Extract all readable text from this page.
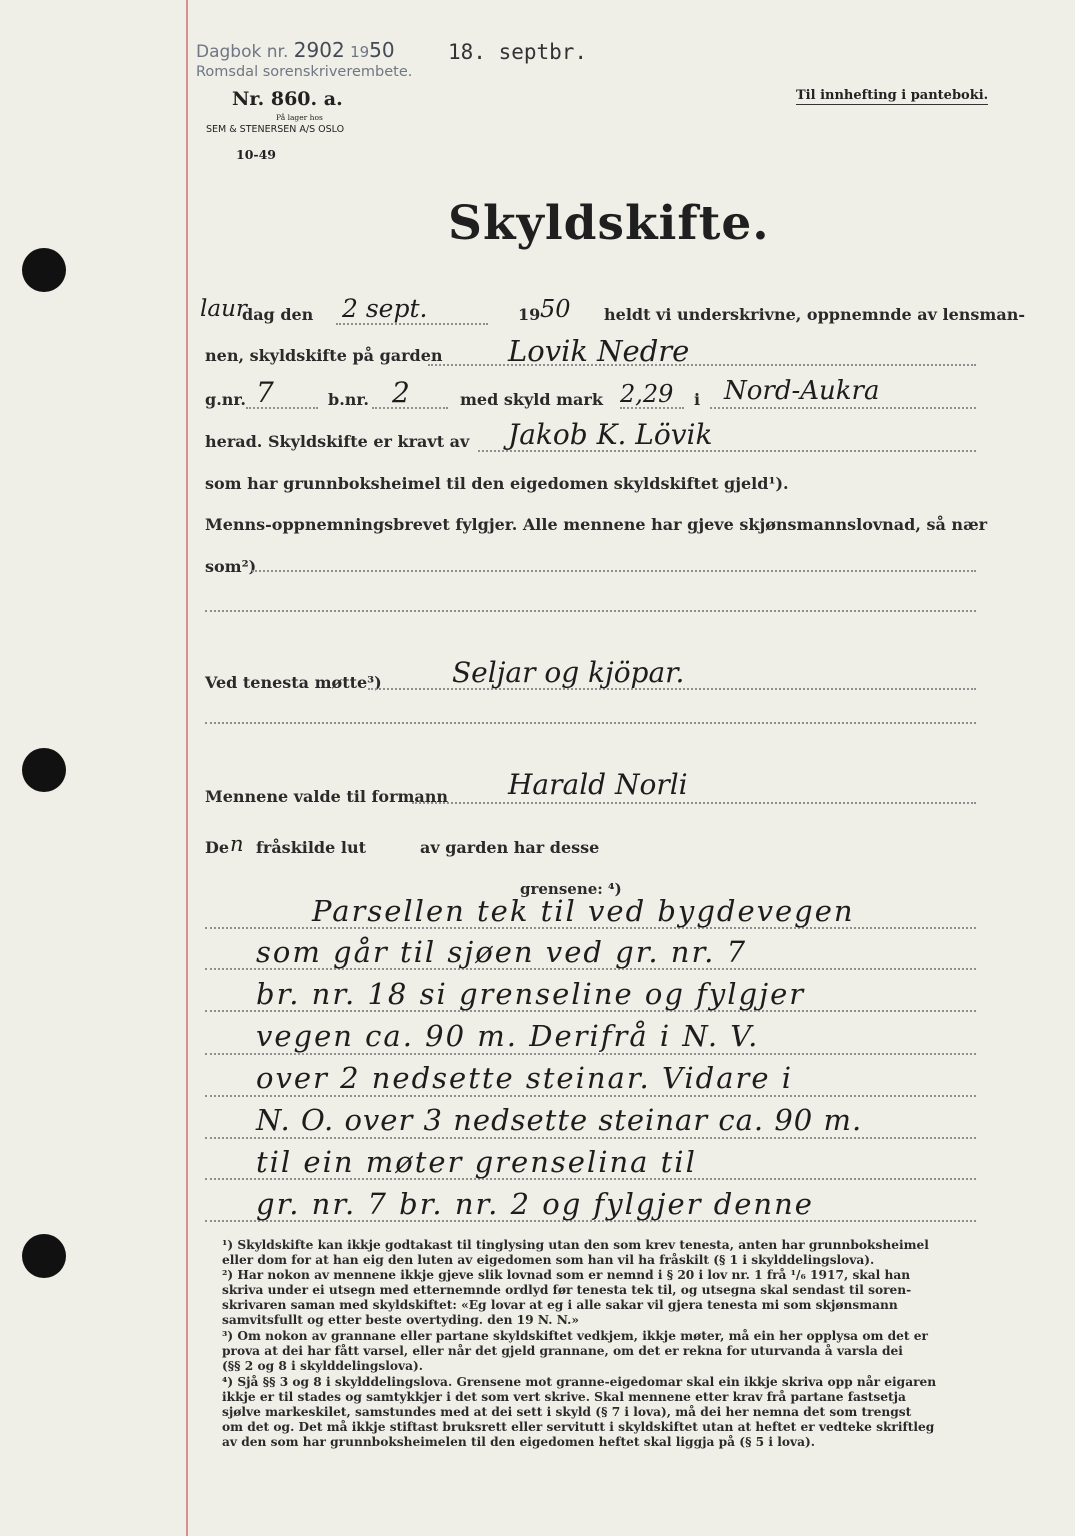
Dagbok nr. 2902 1950
Romsdal sorenskriverembete.
18. septbr.
Nr. 860. a.
På lager hos
SEM & STENERSEN A/S OSLO
10-49
Til innhefting i panteboki.
Skyldskifte.
laur
dag den 2 sept.	19 50 heldt vi underskrivne, oppnemnde av lensman-
nen, skyldskifte på garden Lovik Nedre
g.nr. 7	b.nr. 2	med skyld mark 2,29 i Nord-Aukra
herad. Skyldskifte er kravt av Jakob K. Lövik
som har grunnboksheimel til den eigedomen skyldskiftet gjeld¹).
Menns-oppnemningsbrevet fylgjer. Alle mennene har gjeve skjønsmannslovnad, så nær
som²)
Ved tenesta møtte³)	Seljar og kjöpar.
Mennene valde til formann Harald Norli
De n fråskilde lut	av garden har desse
grensene: ⁴)
Parsellen tek til ved bygdevegen
som går til sjøen ved gr. nr. 7
br. nr. 18 si grenseline og fylgjer
vegen ca. 90 m. Derifrå i N. V.
over 2 nedsette steinar. Vidare i
N. O. over 3 nedsette steinar ca. 90 m.
til ein møter grenselina til
gr. nr. 7 br. nr. 2 og fylgjer denne
¹) Skyldskifte kan ikkje godtakast til tinglysing utan den som krev tenesta, anten har grunnboksheimel
eller dom for at han eig den luten av eigedomen som han vil ha fråskilt (§ 1 i skylddelingslova).
²) Har nokon av mennene ikkje gjeve slik lovnad som er nemnd i § 20 i lov nr. 1 frå ¹/₆ 1917, skal han
skriva under ei utsegn med etternemnde ordlyd før tenesta tek til, og utsegna skal sendast til soren-
skrivaren saman med skyldskiftet: «Eg lovar at eg i alle sakar vil gjera tenesta mi som skjønsmann
samvitsfullt og etter beste overtyding. den 19 N. N.»
³) Om nokon av grannane eller partane skyldskiftet vedkjem, ikkje møter, må ein her opplysa om det er
prova at dei har fått varsel, eller når det gjeld grannane, om det er rekna for uturvanda å varsla dei
(§§ 2 og 8 i skylddelingslova).
⁴) Sjå §§ 3 og 8 i skylddelingslova. Grensene mot granne-eigedomar skal ein ikkje skriva opp når eigaren
ikkje er til stades og samtykkjer i det som vert skrive. Skal mennene etter krav frå partane fastsetja
sjølve markeskilet, samstundes med at dei sett i skyld (§ 7 i lova), må dei her nemna det som trengst
om det og. Det må ikkje stiftast bruksrett eller servitutt i skyldskiftet utan at heftet er vedteke skriftleg
av den som har grunnboksheimelen til den eigedomen heftet skal liggja på (§ 5 i lova).
